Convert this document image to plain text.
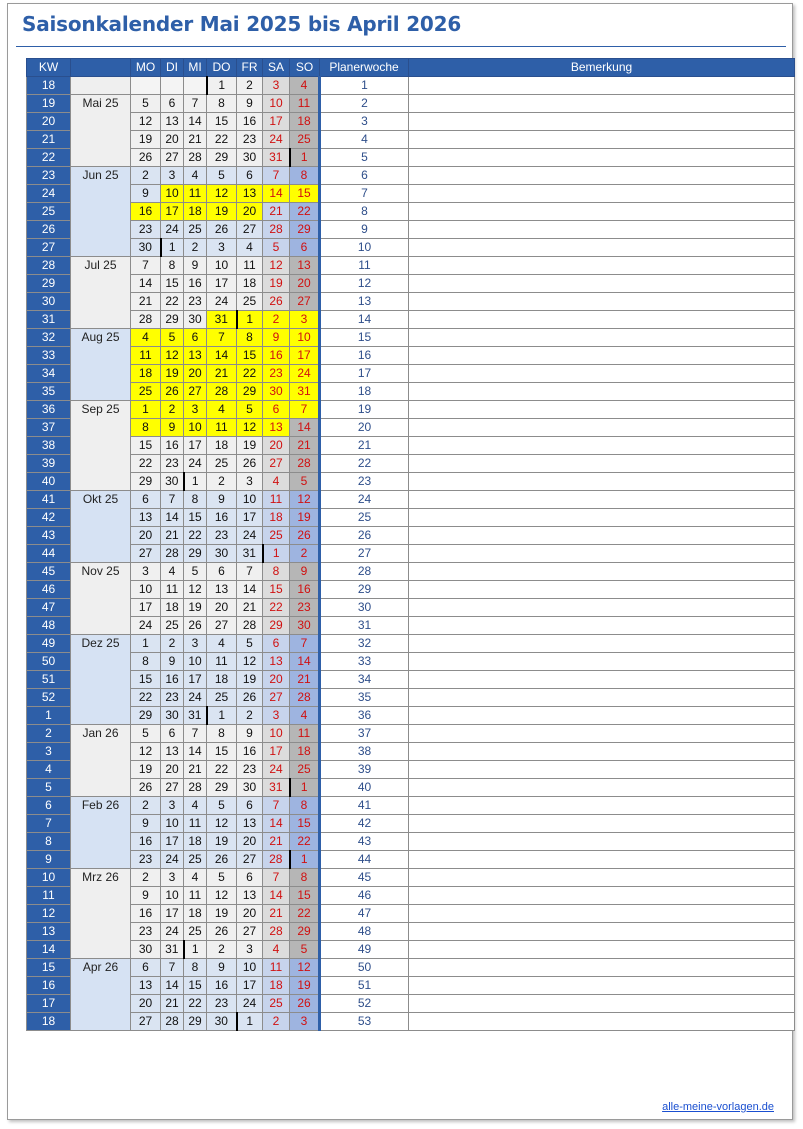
Saisonkalender Mai 2025 bis April 2026
KW		MO	DI	MI	DO	FR	SA	SO	Planerwoche	Bemerkung
18					1	2	3	4	1	
19	Mai 25	5	6	7	8	9	10	11	2	
20		12	13	14	15	16	17	18	3	
21		19	20	21	22	23	24	25	4	
22		26	27	28	29	30	31	1	5	
23	Jun 25	2	3	4	5	6	7	8	6	
24		9	10	11	12	13	14	15	7	
25		16	17	18	19	20	21	22	8	
26		23	24	25	26	27	28	29	9	
27		30	1	2	3	4	5	6	10	
28	Jul 25	7	8	9	10	11	12	13	11	
29		14	15	16	17	18	19	20	12	
30		21	22	23	24	25	26	27	13	
31		28	29	30	31	1	2	3	14	
32	Aug 25	4	5	6	7	8	9	10	15	
33		11	12	13	14	15	16	17	16	
34		18	19	20	21	22	23	24	17	
35		25	26	27	28	29	30	31	18	
36	Sep 25	1	2	3	4	5	6	7	19	
37		8	9	10	11	12	13	14	20	
38		15	16	17	18	19	20	21	21	
39		22	23	24	25	26	27	28	22	
40		29	30	1	2	3	4	5	23	
41	Okt 25	6	7	8	9	10	11	12	24	
42		13	14	15	16	17	18	19	25	
43		20	21	22	23	24	25	26	26	
44		27	28	29	30	31	1	2	27	
45	Nov 25	3	4	5	6	7	8	9	28	
46		10	11	12	13	14	15	16	29	
47		17	18	19	20	21	22	23	30	
48		24	25	26	27	28	29	30	31	
49	Dez 25	1	2	3	4	5	6	7	32	
50		8	9	10	11	12	13	14	33	
51		15	16	17	18	19	20	21	34	
52		22	23	24	25	26	27	28	35	
1		29	30	31	1	2	3	4	36	
2	Jan 26	5	6	7	8	9	10	11	37	
3		12	13	14	15	16	17	18	38	
4		19	20	21	22	23	24	25	39	
5		26	27	28	29	30	31	1	40	
6	Feb 26	2	3	4	5	6	7	8	41	
7		9	10	11	12	13	14	15	42	
8		16	17	18	19	20	21	22	43	
9		23	24	25	26	27	28	1	44	
10	Mrz 26	2	3	4	5	6	7	8	45	
11		9	10	11	12	13	14	15	46	
12		16	17	18	19	20	21	22	47	
13		23	24	25	26	27	28	29	48	
14		30	31	1	2	3	4	5	49	
15	Apr 26	6	7	8	9	10	11	12	50	
16		13	14	15	16	17	18	19	51	
17		20	21	22	23	24	25	26	52	
18		27	28	29	30	1	2	3	53	
alle-meine-vorlagen.de
